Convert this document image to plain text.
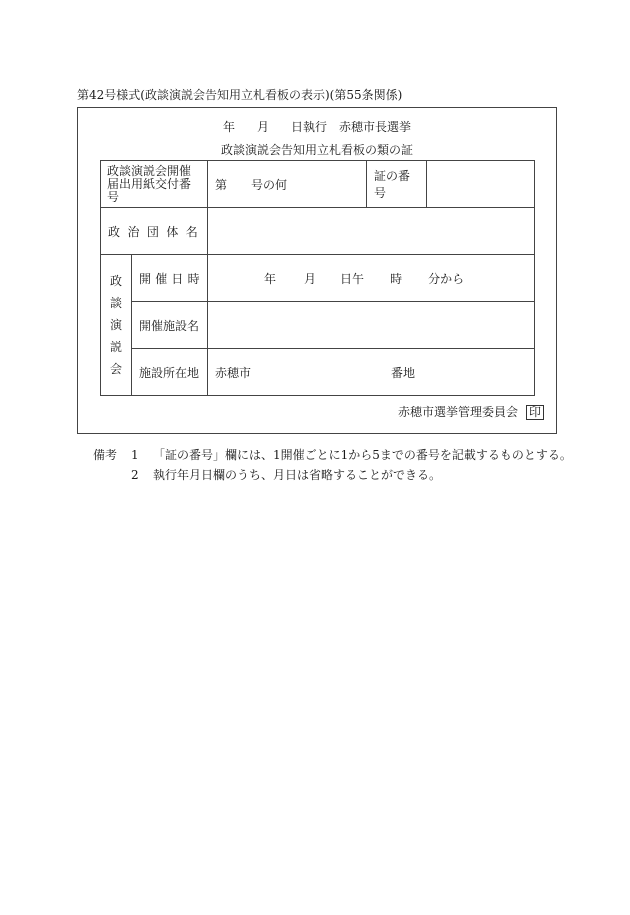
第42号様式(政談演説会告知用立札看板の表示)(第55条関係)
年 月 日執行 赤穂市長選挙
政談演説会告知用立札看板の類の証
政談演説会開催届出用紙交付番号		第 号の何	証の番号	
政治団体名				

政
談
演
説
会	開催日時	年 月 日午 時 分から		
	開催施設名			
	施設所在地	赤穂市 番地		
赤穂市選挙管理委員会 印
備考 1 「証の番号」欄には、1開催ごとに1から5までの番号を記載するものとする。
2 執行年月日欄のうち、月日は省略することができる。
